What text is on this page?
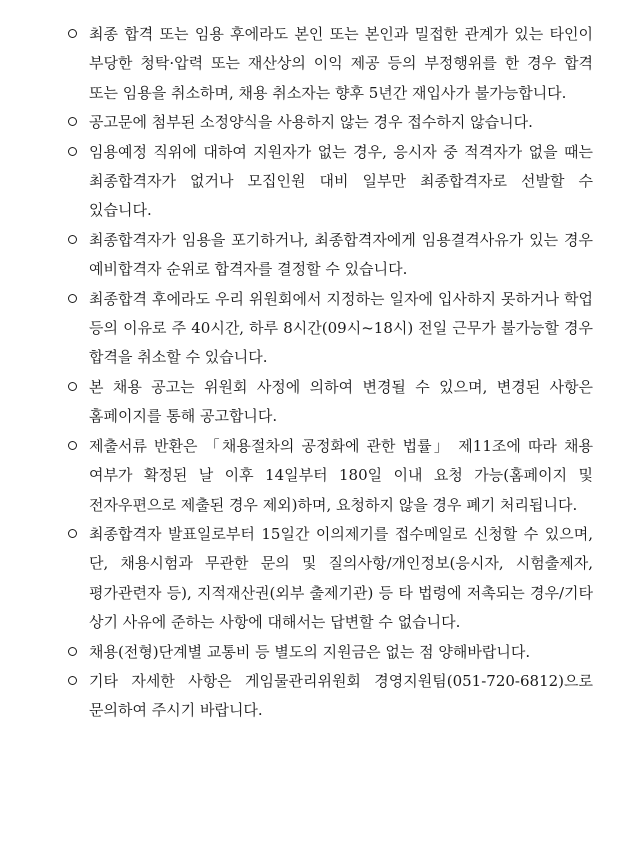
최종 합격 또는 임용 후에라도 본인 또는 본인과 밀접한 관계가 있는 타인이 부당한 청탁·압력 또는 재산상의 이익 제공 등의 부정행위를 한 경우 합격 또는 임용을 취소하며, 채용 취소자는 향후 5년간 재입사가 불가능합니다.
공고문에 첨부된 소정양식을 사용하지 않는 경우 접수하지 않습니다.
임용예정 직위에 대하여 지원자가 없는 경우, 응시자 중 적격자가 없을 때는 최종합격자가 없거나 모집인원 대비 일부만 최종합격자로 선발할 수 있습니다.
최종합격자가 임용을 포기하거나, 최종합격자에게 임용결격사유가 있는 경우 예비합격자 순위로 합격자를 결정할 수 있습니다.
최종합격 후에라도 우리 위원회에서 지정하는 일자에 입사하지 못하거나 학업 등의 이유로 주 40시간, 하루 8시간(09시~18시) 전일 근무가 불가능할 경우 합격을 취소할 수 있습니다.
본 채용 공고는 위원회 사정에 의하여 변경될 수 있으며, 변경된 사항은 홈페이지를 통해 공고합니다.
제출서류 반환은 「채용절차의 공정화에 관한 법률」 제11조에 따라 채용 여부가 확정된 날 이후 14일부터 180일 이내 요청 가능(홈페이지 및 전자우편으로 제출된 경우 제외)하며, 요청하지 않을 경우 폐기 처리됩니다.
최종합격자 발표일로부터 15일간 이의제기를 접수메일로 신청할 수 있으며, 단, 채용시험과 무관한 문의 및 질의사항/개인정보(응시자, 시험출제자, 평가관련자 등), 지적재산권(외부 출제기관) 등 타 법령에 저촉되는 경우/기타 상기 사유에 준하는 사항에 대해서는 답변할 수 없습니다.
채용(전형)단계별 교통비 등 별도의 지원금은 없는 점 양해바랍니다.
기타 자세한 사항은 게임물관리위원회 경영지원팀(051-720-6812)으로 문의하여 주시기 바랍니다.
